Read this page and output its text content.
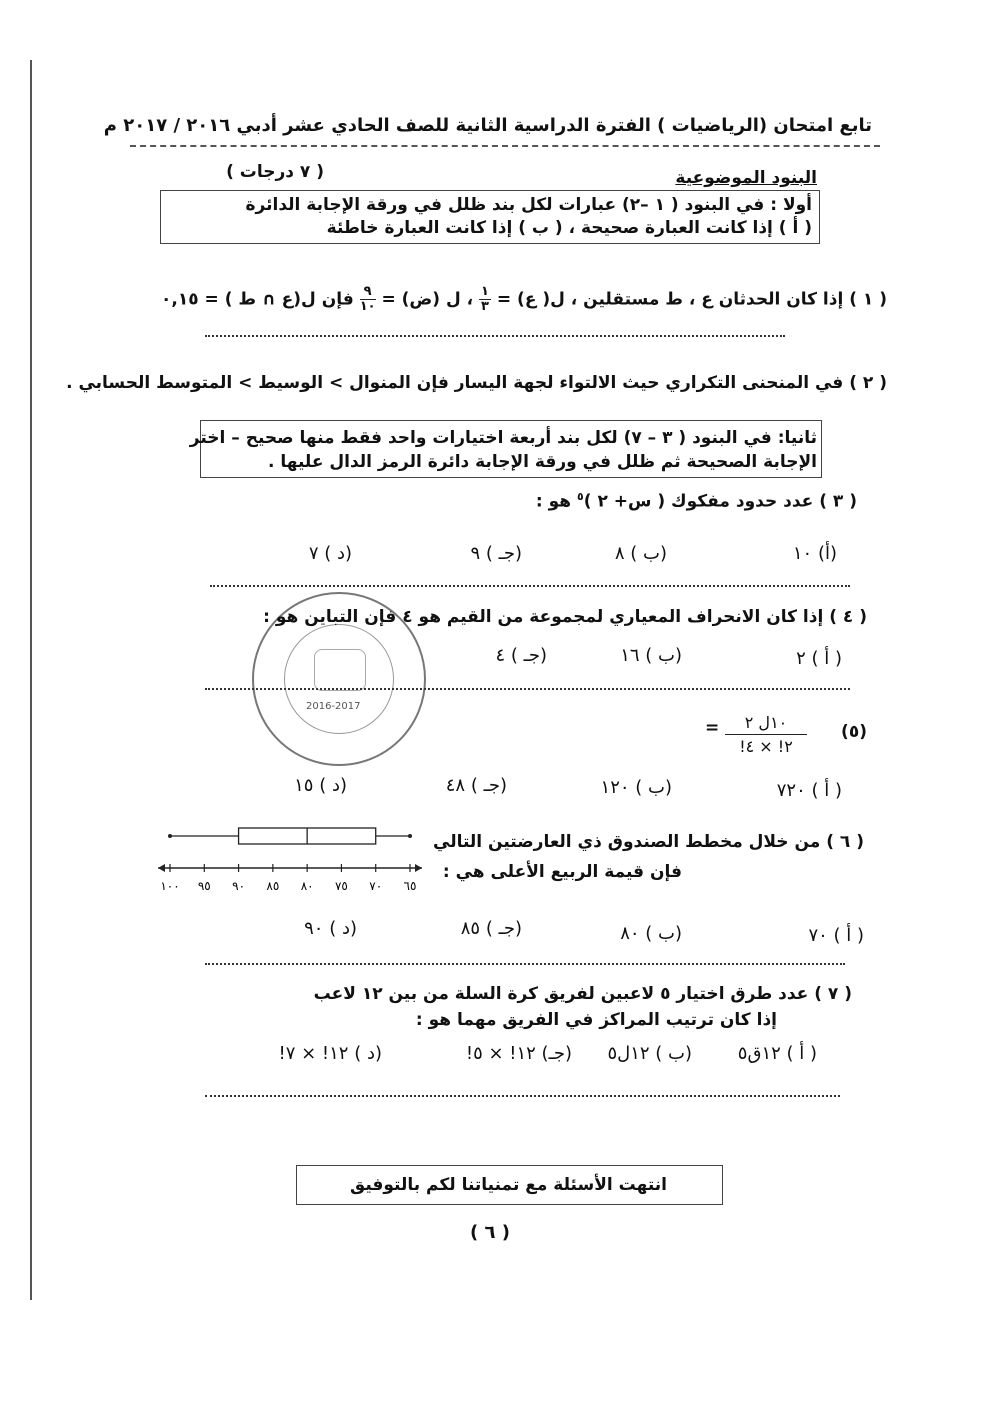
تابع امتحان (الرياضيات ) الفترة الدراسية الثانية للصف الحادي عشر أدبي ٢٠١٦ / ٢٠١٧ م
البنود الموضوعية
( ٧ درجات )
أولا : في البنود ( ١ –٢) عبارات لكل بند ظلل في ورقة الإجابة الدائرة
( أ ) إذا كانت العبارة صحيحة ، ( ب ) إذا كانت العبارة خاطئة
( ١ ) إذا كان الحدثان ع ، ط مستقلين ، ل( ع) =
$\frac{١}{٣}$
، ل (ض) =
$\frac{٩}{١٠}$
فإن ل(ع ∩ ط ) = ٠,١٥
( ٢ ) في المنحنى التكراري حيث الالتواء لجهة اليسار فإن المنوال > الوسيط > المتوسط الحسابي .
ثانيا: في البنود ( ٣ – ٧) لكل بند أربعة اختيارات واحد فقط منها صحيح – اختر
الإجابة الصحيحة ثم ظلل في ورقة الإجابة دائرة الرمز الدال عليها .
( ٣ ) عدد حدود مفكوك ( س+ ٢ )$^٥$ هو :
(أ) ١٠
(ب ) ٨
(جـ ) ٩
(د ) ٧
2016-2017
( ٤ ) إذا كان الانحراف المعياري لمجموعة من القيم هو ٤ فإن التباين هو :
( أ ) ٢
(ب ) ١٦
(جـ ) ٤
(٥)
١٠ل ٢
٢! × ٤!
=
( أ ) ٧٢٠
(ب ) ١٢٠
(جـ ) ٤٨
(د ) ١٥
( ٦ ) من خلال مخطط الصندوق ذي العارضتين التالي
فإن قيمة الربيع الأعلى هي :
٦٥
٧٠
٧٥
٨٠
٨٥
٩٠
٩٥
١٠٠
( أ ) ٧٠
(ب ) ٨٠
(جـ ) ٨٥
(د ) ٩٠
( ٧ ) عدد طرق اختيار ٥ لاعبين لفريق كرة السلة من بين ١٢ لاعب
إذا كان ترتيب المراكز في الفريق مهما هو :
( أ ) ١٢ق٥
(ب ) ١٢ل٥
(جـ) ١٢! × ٥!
(د ) ١٢! × ٧!
انتهت الأسئلة مع تمنياتنا لكم بالتوفيق
( ٦ )
